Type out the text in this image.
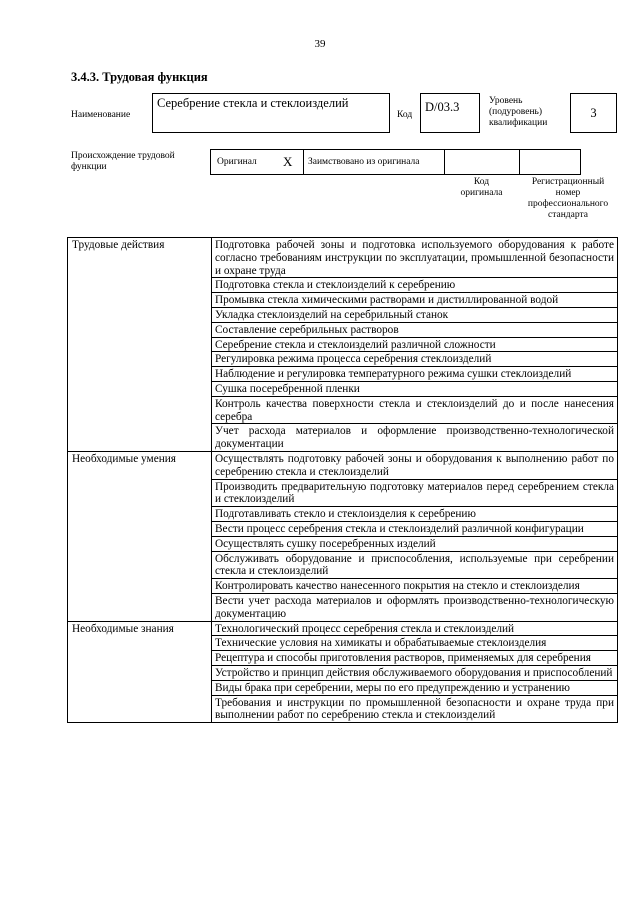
39
3.4.3. Трудовая функция
Наименование
Серебрение стекла и стеклоизделий
Код
D/03.3	Уровень
(подуровень)
квалификации
3
Происхождение трудовой
функции	Оригинал X	Заимствовано из оригинала
Код
оригинала
Регистрационный
номер
профессионального
стандарта
Трудовые действия	Подготовка рабочей зоны и подготовка используемого оборудования к работе согласно требованиям инструкции по эксплуатации, промышленной безопасности и охране труда
	Подготовка стекла и стеклоизделий к серебрению
	Промывка стекла химическими растворами и дистиллированной водой
	Укладка стеклоизделий на серебрильный станок
	Составление серебрильных растворов
	Серебрение стекла и стеклоизделий различной сложности
	Регулировка режима процесса серебрения стеклоизделий
	Наблюдение и регулировка температурного режима сушки стеклоизделий
	Сушка посеребренной пленки
	Контроль качества поверхности стекла и стеклоизделий до и после нанесения серебра
	Учет расхода материалов и оформление производственно-технологической документации
Необходимые умения	Осуществлять подготовку рабочей зоны и оборудования к выполнению работ по серебрению стекла и стеклоизделий
	Производить предварительную подготовку материалов перед серебрением стекла и стеклоизделий
	Подготавливать стекло и стеклоизделия к серебрению
	Вести процесс серебрения стекла и стеклоизделий различной конфигурации
	Осуществлять сушку посеребренных изделий
	Обслуживать оборудование и приспособления, используемые при серебрении стекла и стеклоизделий
	Контролировать качество нанесенного покрытия на стекло и стеклоизделия
	Вести учет расхода материалов и оформлять производственно-технологическую документацию
Необходимые знания	Технологический процесс серебрения стекла и стеклоизделий
	Технические условия на химикаты и обрабатываемые стеклоизделия
	Рецептура и способы приготовления растворов, применяемых для серебрения
	Устройство и принцип действия обслуживаемого оборудования и приспособлений
	Виды брака при серебрении, меры по его предупреждению и устранению
	Требования и инструкции по промышленной безопасности и охране труда при выполнении работ по серебрению стекла и стеклоизделий
